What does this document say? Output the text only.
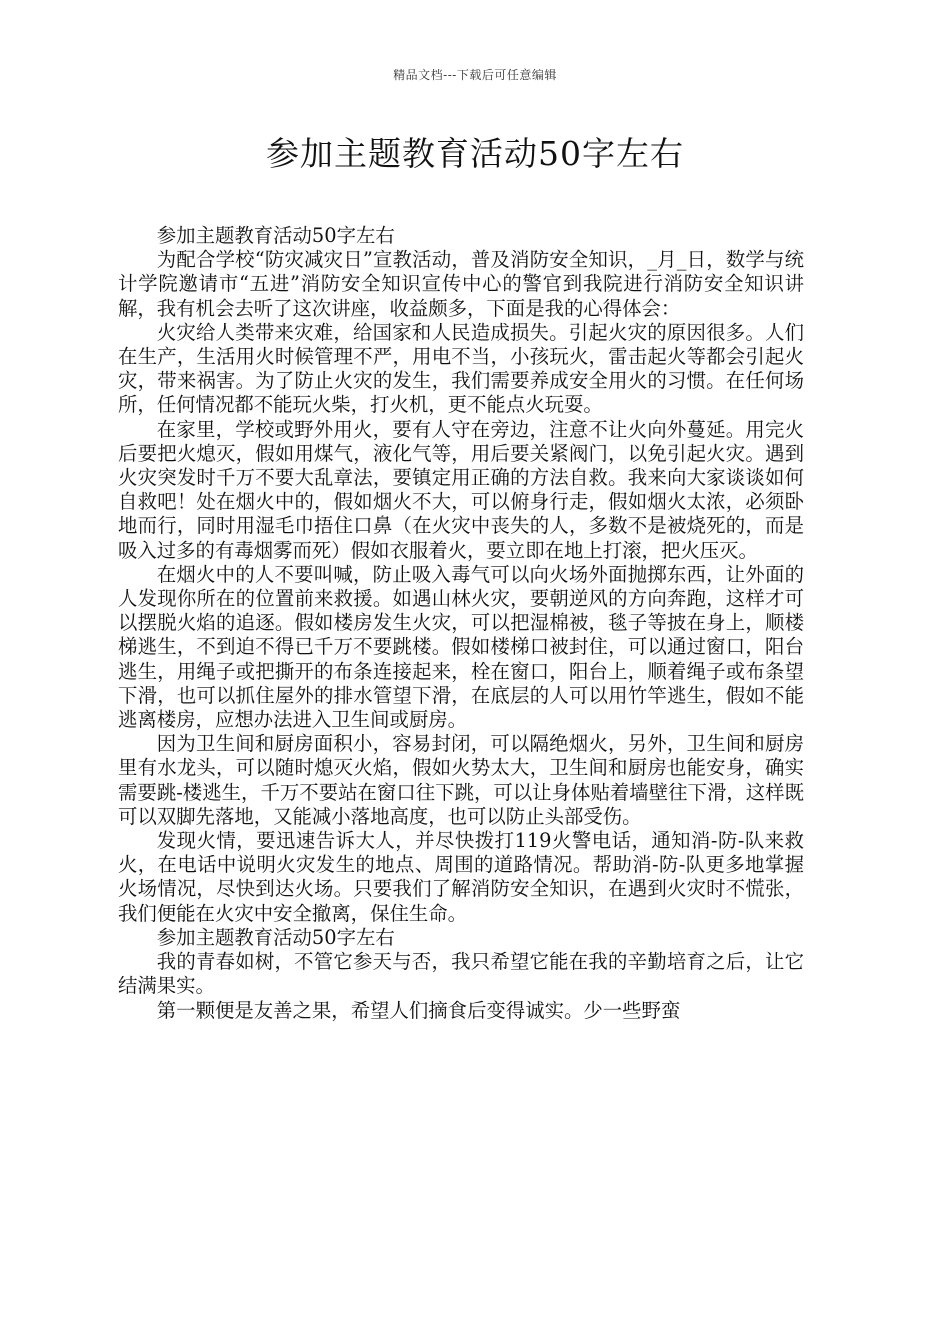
精品文档---下载后可任意编辑
参加主题教育活动50字左右

参加主题教育活动50字左右

为配合学校“防灾减灾日”宣教活动，普及消防安全知识，_月_日，数学与统计学院邀请市“五进”消防安全知识宣传中心的警官到我院进行消防安全知识讲解，我有机会去听了这次讲座，收益颇多，下面是我的心得体会：

火灾给人类带来灾难，给国家和人民造成损失。引起火灾的原因很多。人们在生产，生活用火时候管理不严，用电不当，小孩玩火，雷击起火等都会引起火灾，带来祸害。为了防止火灾的发生，我们需要养成安全用火的习惯。在任何场所，任何情况都不能玩火柴，打火机，更不能点火玩耍。

在家里，学校或野外用火，要有人守在旁边，注意不让火向外蔓延。用完火后要把火熄灭，假如用煤气，液化气等，用后要关紧阀门，以免引起火灾。遇到火灾突发时千万不要大乱章法，要镇定用正确的方法自救。我来向大家谈谈如何自救吧！处在烟火中的，假如烟火不大，可以俯身行走，假如烟火太浓，必须卧地而行，同时用湿毛巾捂住口鼻（在火灾中丧失的人，多数不是被烧死的，而是吸入过多的有毒烟雾而死）假如衣服着火，要立即在地上打滚，把火压灭。

在烟火中的人不要叫喊，防止吸入毒气可以向火场外面抛掷东西，让外面的人发现你所在的位置前来救援。如遇山林火灾，要朝逆风的方向奔跑，这样才可以摆脱火焰的追逐。假如楼房发生火灾，可以把湿棉被，毯子等披在身上，顺楼梯逃生，不到迫不得已千万不要跳楼。假如楼梯口被封住，可以通过窗口，阳台逃生，用绳子或把撕开的布条连接起来，栓在窗口，阳台上，顺着绳子或布条望下滑，也可以抓住屋外的排水管望下滑，在底层的人可以用竹竿逃生，假如不能逃离楼房，应想办法进入卫生间或厨房。

因为卫生间和厨房面积小，容易封闭，可以隔绝烟火，另外，卫生间和厨房里有水龙头，可以随时熄灭火焰，假如火势太大，卫生间和厨房也能安身，确实需要跳-楼逃生，千万不要站在窗口往下跳，可以让身体贴着墙壁往下滑，这样既可以双脚先落地，又能减小落地高度，也可以防止头部受伤。

发现火情，要迅速告诉大人，并尽快拨打119火警电话，通知消-防-队来救火，在电话中说明火灾发生的地点、周围的道路情况。帮助消-防-队更多地掌握火场情况，尽快到达火场。只要我们了解消防安全知识，在遇到火灾时不慌张，我们便能在火灾中安全撤离，保住生命。

参加主题教育活动50字左右

我的青春如树，不管它参天与否，我只希望它能在我的辛勤培育之后，让它结满果实。

第一颗便是友善之果，希望人们摘食后变得诚实。少一些野蛮
